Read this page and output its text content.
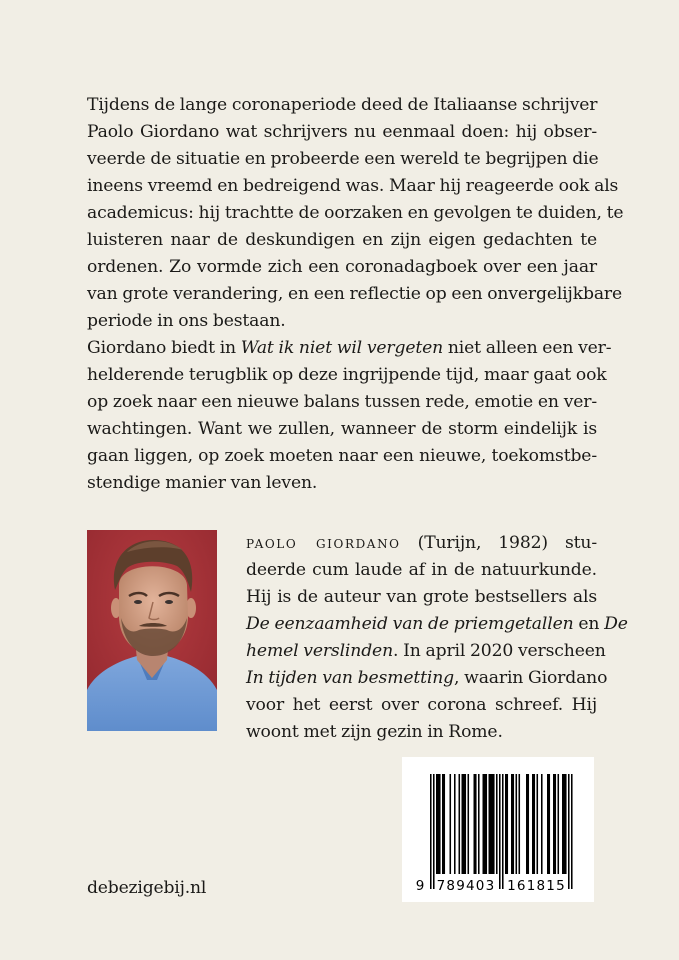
Tijdens de lange coronaperiode deed de Italiaanse schrijver
Paolo Giordano wat schrijvers nu eenmaal doen: hij obser-
veerde de situatie en probeerde een wereld te begrijpen die
ineens vreemd en bedreigend was. Maar hij reageerde ook als
academicus: hij trachtte de oorzaken en gevolgen te duiden, te
luisteren naar de deskundigen en zijn eigen gedachten te
ordenen. Zo vormde zich een coronadagboek over een jaar
van grote verandering, en een reflectie op een onvergelijkbare
periode in ons bestaan.
Giordano biedt in Wat ik niet wil vergeten niet alleen een ver-
helderende terugblik op deze ingrijpende tijd, maar gaat ook
op zoek naar een nieuwe balans tussen rede, emotie en ver-
wachtingen. Want we zullen, wanneer de storm eindelijk is
gaan liggen, op zoek moeten naar een nieuwe, toekomstbe-
stendige manier van leven.
paolo giordano (Turijn, 1982) stu-
deerde cum laude af in de natuurkunde.
Hij is de auteur van grote bestsellers als
De eenzaamheid van de priemgetallen en De
hemel verslinden. In april 2020 verscheen
In tijden van besmetting, waarin Giordano
voor het eerst over corona schreef. Hij
woont met zijn gezin in Rome.
9 789403 161815
debezigebij.nl
